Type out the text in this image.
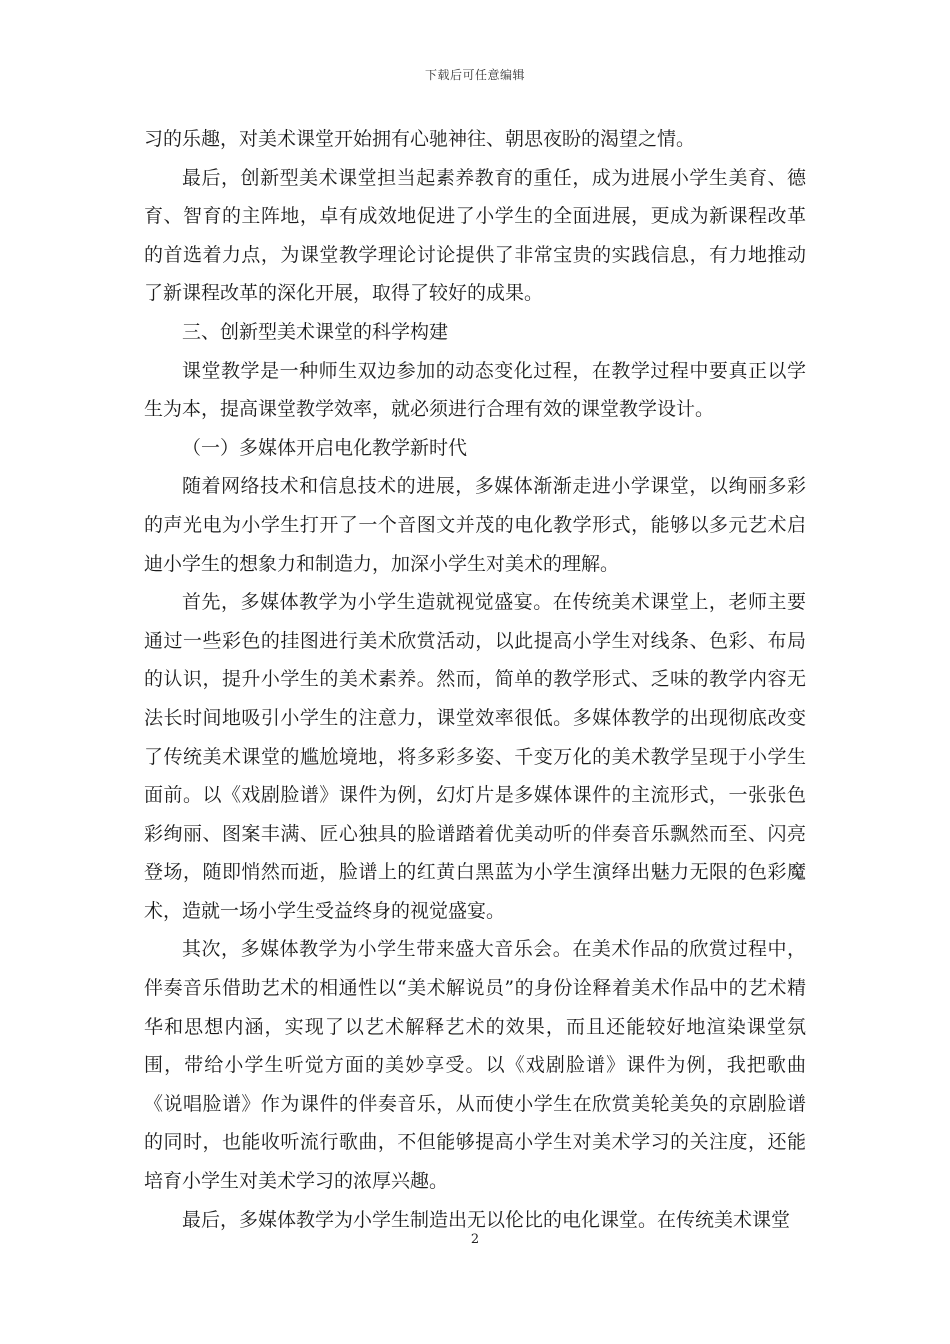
下载后可任意编辑

习的乐趣，对美术课堂开始拥有心驰神往、朝思夜盼的渴望之情。

最后，创新型美术课堂担当起素养教育的重任，成为进展小学生美育、德育、智育的主阵地，卓有成效地促进了小学生的全面进展，更成为新课程改革的首选着力点，为课堂教学理论讨论提供了非常宝贵的实践信息，有力地推动了新课程改革的深化开展，取得了较好的成果。

三、创新型美术课堂的科学构建

课堂教学是一种师生双边参加的动态变化过程，在教学过程中要真正以学生为本，提高课堂教学效率，就必须进行合理有效的课堂教学设计。

（一）多媒体开启电化教学新时代

随着网络技术和信息技术的进展，多媒体渐渐走进小学课堂，以绚丽多彩的声光电为小学生打开了一个音图文并茂的电化教学形式，能够以多元艺术启迪小学生的想象力和制造力，加深小学生对美术的理解。

首先，多媒体教学为小学生造就视觉盛宴。在传统美术课堂上，老师主要通过一些彩色的挂图进行美术欣赏活动，以此提高小学生对线条、色彩、布局的认识，提升小学生的美术素养。然而，简单的教学形式、乏味的教学内容无法长时间地吸引小学生的注意力，课堂效率很低。多媒体教学的出现彻底改变了传统美术课堂的尴尬境地，将多彩多姿、千变万化的美术教学呈现于小学生面前。以《戏剧脸谱》课件为例，幻灯片是多媒体课件的主流形式，一张张色彩绚丽、图案丰满、匠心独具的脸谱踏着优美动听的伴奏音乐飘然而至、闪亮登场，随即悄然而逝，脸谱上的红黄白黑蓝为小学生演绎出魅力无限的色彩魔术，造就一场小学生受益终身的视觉盛宴。

其次，多媒体教学为小学生带来盛大音乐会。在美术作品的欣赏过程中，伴奏音乐借助艺术的相通性以“美术解说员”的身份诠释着美术作品中的艺术精华和思想内涵，实现了以艺术解释艺术的效果，而且还能较好地渲染课堂氛围，带给小学生听觉方面的美妙享受。以《戏剧脸谱》课件为例，我把歌曲《说唱脸谱》作为课件的伴奏音乐，从而使小学生在欣赏美轮美奂的京剧脸谱的同时，也能收听流行歌曲，不但能够提高小学生对美术学习的关注度，还能培育小学生对美术学习的浓厚兴趣。

最后，多媒体教学为小学生制造出无以伦比的电化课堂。在传统美术课堂

2
